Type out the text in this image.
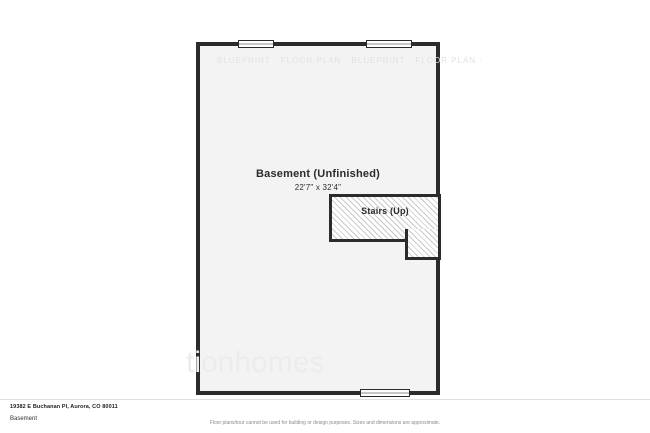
· BLUEPRINT · FLOOR PLAN · BLUEPRINT · FLOOR PLAN ·
Basement (Unfinished)
22'7" x 32'4"
Stairs (Up)
tionhomes
19382 E Buchanan Pl, Aurora, CO 80011
Basement
Floor plans/tour cannot be used for building or design purposes. Sizes and dimensions are approximate.
